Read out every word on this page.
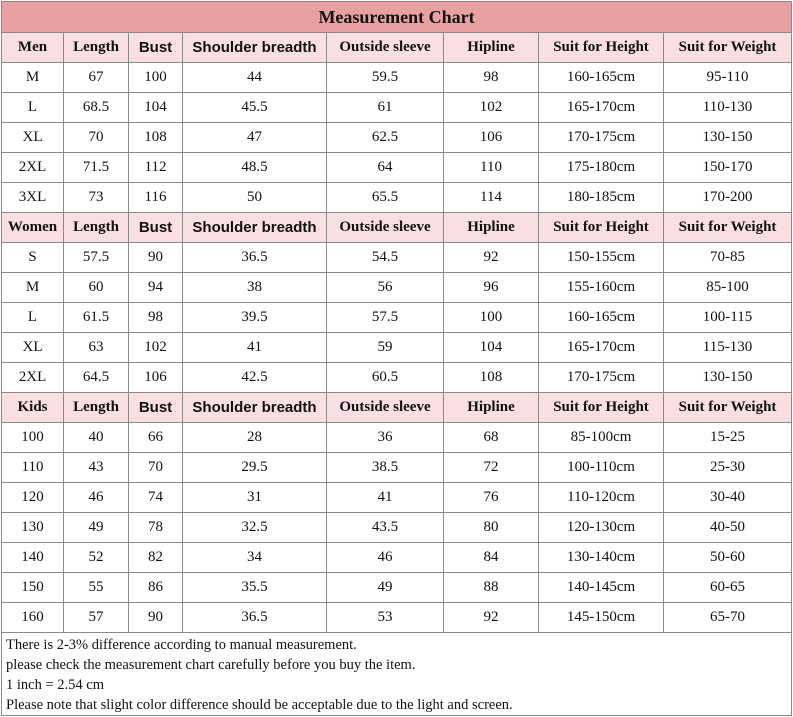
Measurement Chart							
Men	Length	Bust	Shoulder breadth	Outside sleeve	Hipline	Suit for Height	Suit for Weight
M	67	100	44	59.5	98	160-165cm	95-110
L	68.5	104	45.5	61	102	165-170cm	110-130
XL	70	108	47	62.5	106	170-175cm	130-150
2XL	71.5	112	48.5	64	110	175-180cm	150-170
3XL	73	116	50	65.5	114	180-185cm	170-200
Women	Length	Bust	Shoulder breadth	Outside sleeve	Hipline	Suit for Height	Suit for Weight
S	57.5	90	36.5	54.5	92	150-155cm	70-85
M	60	94	38	56	96	155-160cm	85-100
L	61.5	98	39.5	57.5	100	160-165cm	100-115
XL	63	102	41	59	104	165-170cm	115-130
2XL	64.5	106	42.5	60.5	108	170-175cm	130-150
Kids	Length	Bust	Shoulder breadth	Outside sleeve	Hipline	Suit for Height	Suit for Weight
100	40	66	28	36	68	85-100cm	15-25
110	43	70	29.5	38.5	72	100-110cm	25-30
120	46	74	31	41	76	110-120cm	30-40
130	49	78	32.5	43.5	80	120-130cm	40-50
140	52	82	34	46	84	130-140cm	50-60
150	55	86	35.5	49	88	140-145cm	60-65
160	57	90	36.5	53	92	145-150cm	65-70

There is 2-3% difference according to manual measurement.
please check the measurement chart carefully before you buy the item.
1 inch = 2.54 cm
Please note that slight color difference should be acceptable due to the light and screen.							
